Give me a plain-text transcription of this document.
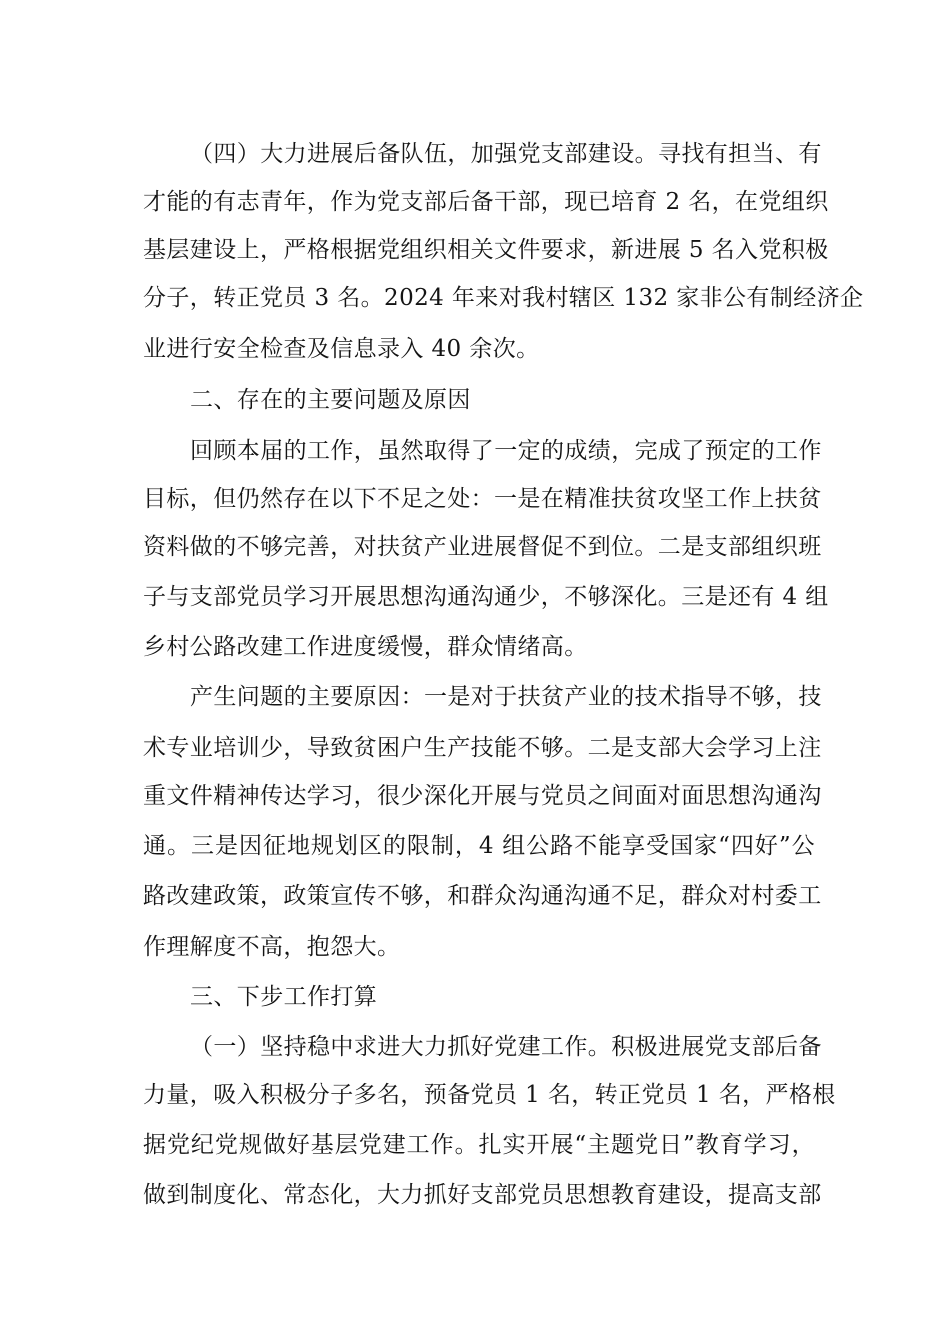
（四）大力进展后备队伍，加强党支部建设。寻找有担当、有
才能的有志青年，作为党支部后备干部，现已培育 2 名，在党组织
基层建设上，严格根据党组织相关文件要求，新进展 5 名入党积极
分子，转正党员 3 名。2024 年来对我村辖区 132 家非公有制经济企
业进行安全检查及信息录入 40 余次。
二、存在的主要问题及原因
回顾本届的工作，虽然取得了一定的成绩，完成了预定的工作
目标，但仍然存在以下不足之处：一是在精准扶贫攻坚工作上扶贫
资料做的不够完善，对扶贫产业进展督促不到位。二是支部组织班
子与支部党员学习开展思想沟通沟通少，不够深化。三是还有 4 组
乡村公路改建工作进度缓慢，群众情绪高。
产生问题的主要原因：一是对于扶贫产业的技术指导不够，技
术专业培训少，导致贫困户生产技能不够。二是支部大会学习上注
重文件精神传达学习，很少深化开展与党员之间面对面思想沟通沟
通。三是因征地规划区的限制，4 组公路不能享受国家“四好”公
路改建政策，政策宣传不够，和群众沟通沟通不足，群众对村委工
作理解度不高，抱怨大。
三、下步工作打算
（一）坚持稳中求进大力抓好党建工作。积极进展党支部后备
力量，吸入积极分子多名，预备党员 1 名，转正党员 1 名，严格根
据党纪党规做好基层党建工作。扎实开展“主题党日”教育学习，
做到制度化、常态化，大力抓好支部党员思想教育建设，提高支部
